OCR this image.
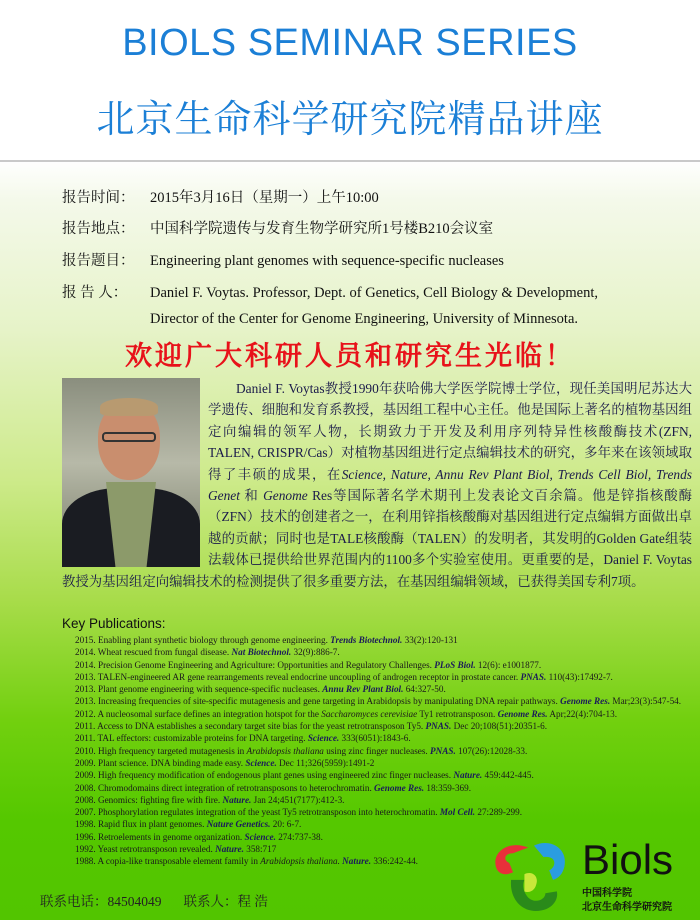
BIOLS SEMINAR SERIES
北京生命科学研究院精品讲座
报告时间： 2015年3月16日（星期一）上午10:00
报告地点： 中国科学院遗传与发育生物学研究所1号楼B210会议室
报告题目： Engineering plant genomes with sequence-specific nucleases
报 告 人： Daniel F. Voytas. Professor, Dept. of Genetics, Cell Biology & Development,
Director of the Center for Genome Engineering, University of Minnesota.
欢迎广大科研人员和研究生光临！
Daniel F. Voytas教授1990年获哈佛大学医学院博士学位，现任美国明尼苏达大学遗传、细胞和发育系教授，基因组工程中心主任。他是国际上著名的植物基因组定向编辑的领军人物，长期致力于开发及利用序列特异性核酸酶技术(ZFN, TALEN, CRISPR/Cas）对植物基因组进行定点编辑技术的研究，多年来在该领域取得了丰硕的成果，在Science, Nature, Annu Rev Plant Biol, Trends Cell Biol, Trends Genet 和 Genome Res等国际著名学术期刊上发表论文百余篇。他是锌指核酸酶（ZFN）技术的创建者之一，在利用锌指核酸酶对基因组进行定点编辑方面做出卓越的贡献；同时也是TALE核酸酶（TALEN）的发明者，其发明的Golden Gate组装法载体已提供给世界范围内的1100多个实验室使用。更重要的是，Daniel F. Voytas教授为基因组定向编辑技术的检测提供了很多重要方法，在基因组编辑领域，已获得美国专利7项。
Key Publications:
2015. Enabling plant synthetic biology through genome engineering. Trends Biotechnol. 33(2):120-131
2014. Wheat rescued from fungal disease. Nat Biotechnol. 32(9):886-7.
2014. Precision Genome Engineering and Agriculture: Opportunities and Regulatory Challenges. PLoS Biol. 12(6): e1001877.
2013. TALEN-engineered AR gene rearrangements reveal endocrine uncoupling of androgen receptor in prostate cancer. PNAS. 110(43):17492-7.
2013. Plant genome engineering with sequence-specific nucleases. Annu Rev Plant Biol. 64:327-50.
2013. Increasing frequencies of site-specific mutagenesis and gene targeting in Arabidopsis by manipulating DNA repair pathways. Genome Res. Mar;23(3):547-54.
2012. A nucleosomal surface defines an integration hotspot for the Saccharomyces cerevisiae Ty1 retrotransposon. Genome Res. Apr;22(4):704-13.
2011. Access to DNA establishes a secondary target site bias for the yeast retrotransposon Ty5. PNAS. Dec 20;108(51):20351-6.
2011. TAL effectors: customizable proteins for DNA targeting. Science. 333(6051):1843-6.
2010. High frequency targeted mutagenesis in Arabidopsis thaliana using zinc finger nucleases. PNAS. 107(26):12028-33.
2009. Plant science. DNA binding made easy. Science. Dec 11;326(5959):1491-2
2009. High frequency modification of endogenous plant genes using engineered zinc finger nucleases. Nature. 459:442-445.
2008. Chromodomains direct integration of retrotransposons to heterochromatin. Genome Res. 18:359-369.
2008. Genomics: fighting fire with fire. Nature. Jan 24;451(7177):412-3.
2007. Phosphorylation regulates integration of the yeast Ty5 retrotransposon into heterochromatin. Mol Cell. 27:289-299.
1998. Rapid flux in plant genomes. Nature Genetics. 20: 6-7.
1996. Retroelements in genome organization. Science. 274:737-38.
1992. Yeast retrotransposon revealed. Nature. 358:717
1988. A copia-like transposable element family in Arabidopsis thaliana. Nature. 336:242-44.
联系电话：84504049 联系人：程 浩
Biols
中国科学院
北京生命科学研究院
